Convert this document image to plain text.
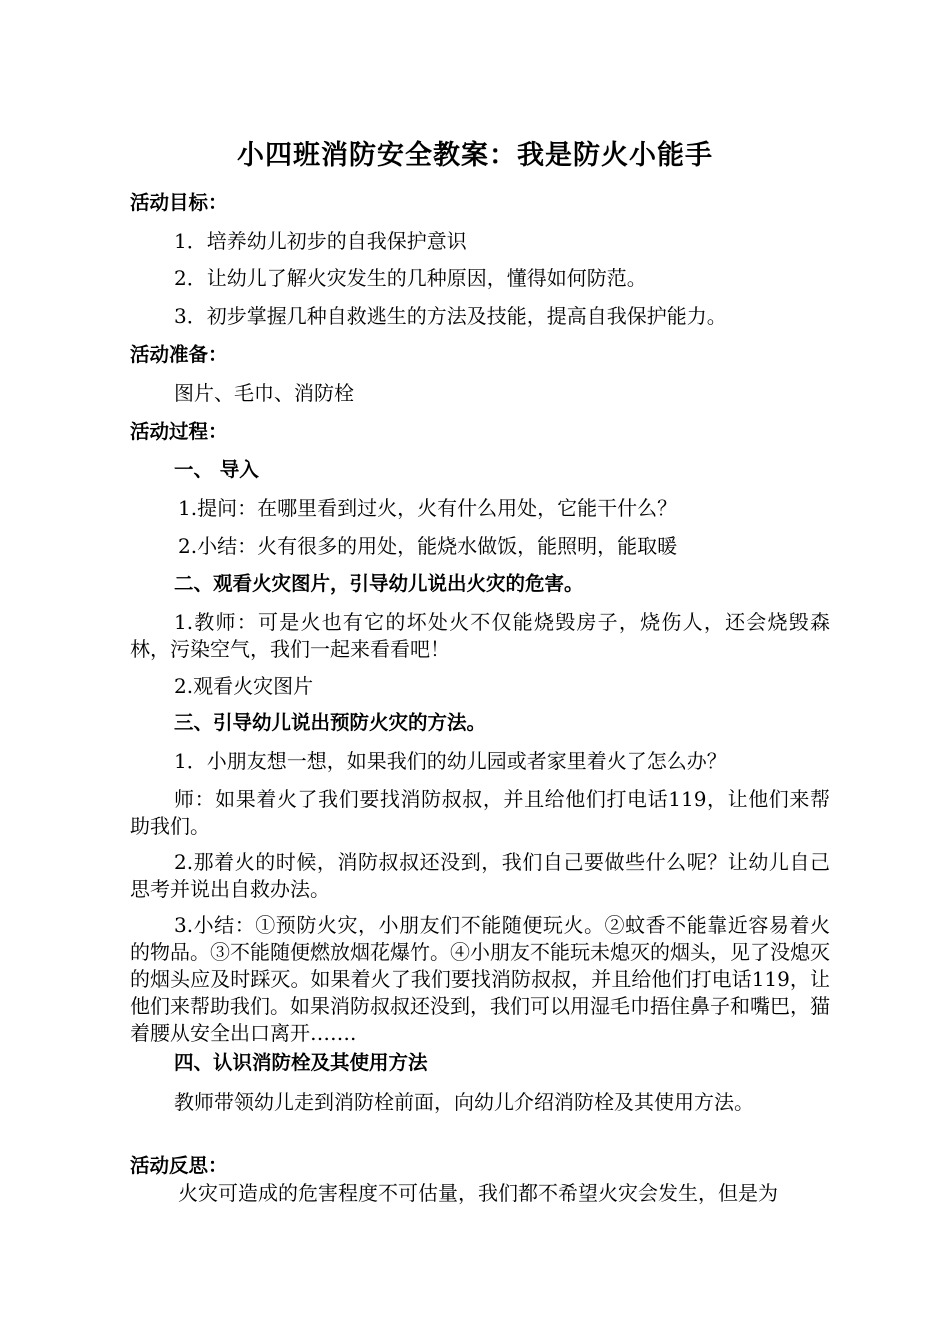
小四班消防安全教案：我是防火小能手
活动目标：
1．培养幼儿初步的自我保护意识
2．让幼儿了解火灾发生的几种原因，懂得如何防范。
3．初步掌握几种自救逃生的方法及技能，提高自我保护能力。
活动准备：
图片、毛巾、消防栓
活动过程：
一、 导入
1.提问：在哪里看到过火，火有什么用处，它能干什么？
2.小结：火有很多的用处，能烧水做饭，能照明，能取暖
二、观看火灾图片，引导幼儿说出火灾的危害。
1.教师：可是火也有它的坏处火不仅能烧毁房子，烧伤人，还会烧毁森林，污染空气，我们一起来看看吧！
2.观看火灾图片
三、引导幼儿说出预防火灾的方法。
1．小朋友想一想，如果我们的幼儿园或者家里着火了怎么办？
师：如果着火了我们要找消防叔叔，并且给他们打电话119，让他们来帮助我们。
2.那着火的时候，消防叔叔还没到，我们自己要做些什么呢？让幼儿自己思考并说出自救办法。
3.小结：①预防火灾，小朋友们不能随便玩火。②蚊香不能靠近容易着火的物品。③不能随便燃放烟花爆竹。④小朋友不能玩未熄灭的烟头，见了没熄灭的烟头应及时踩灭。如果着火了我们要找消防叔叔，并且给他们打电话119，让他们来帮助我们。如果消防叔叔还没到，我们可以用湿毛巾捂住鼻子和嘴巴，猫着腰从安全出口离开…….
四、认识消防栓及其使用方法
教师带领幼儿走到消防栓前面，向幼儿介绍消防栓及其使用方法。
活动反思：
火灾可造成的危害程度不可估量，我们都不希望火灾会发生，但是为
